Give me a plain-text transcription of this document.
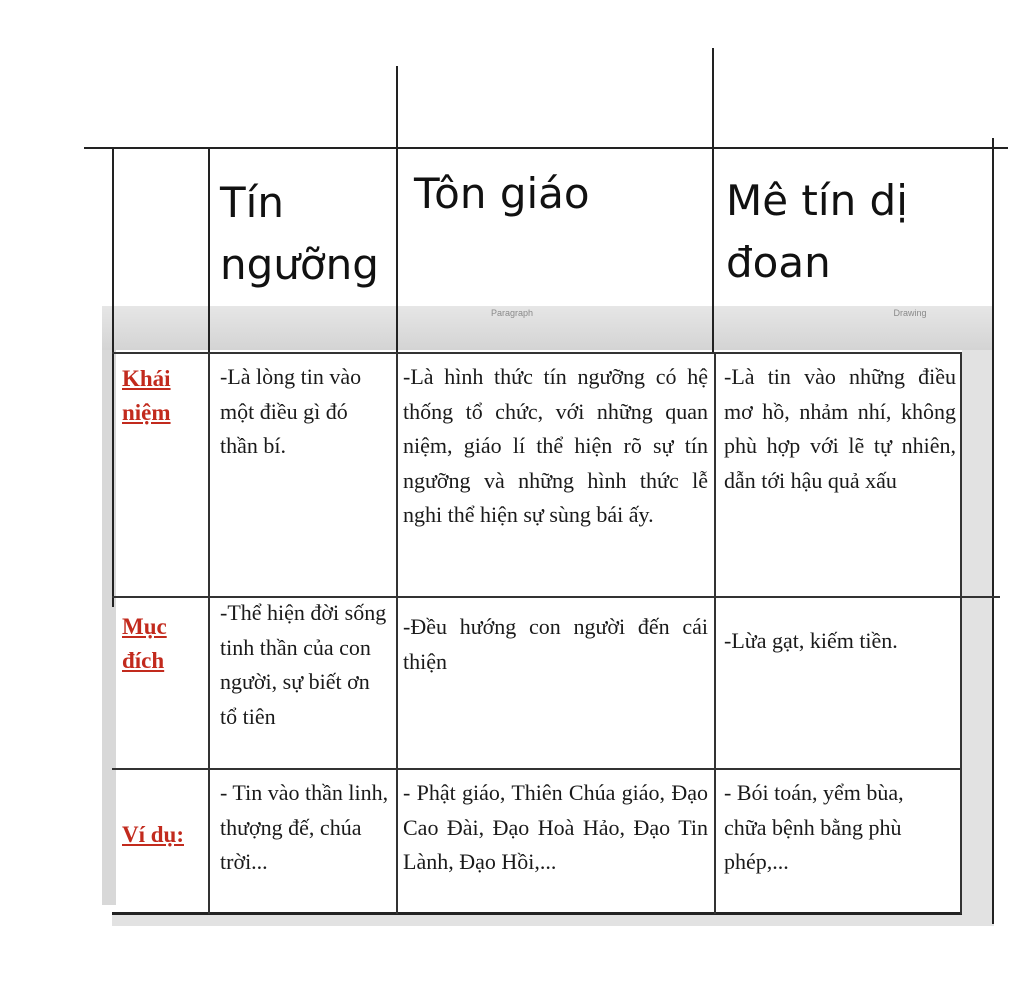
Paragraph	Drawing
Tín ngưỡng
Tôn giáo	Mê tín dị đoan
Khái niệm
-Là lòng tin vào một điều gì đó thần bí.
-Là hình thức tín ngưỡng có hệ thống tổ chức, với những quan niệm, giáo lí thể hiện rõ sự tín ngưỡng và những hình thức lễ nghi thể hiện sự sùng bái ấy.
-Là tin vào những điều mơ hồ, nhảm nhí, không phù hợp với lẽ tự nhiên, dẫn tới hậu quả xấu
Mục đích
-Thể hiện đời sống tinh thần của con người, sự biết ơn tổ tiên
-Đều hướng con người đến cái thiện
-Lừa gạt, kiếm tiền.
Ví dụ:
- Tin vào thần linh, thượng đế, chúa trời...
- Phật giáo, Thiên Chúa giáo, Đạo Cao Đài, Đạo Hoà Hảo, Đạo Tin Lành, Đạo Hồi,...
- Bói toán, yểm bùa, chữa bệnh bằng phù phép,...
